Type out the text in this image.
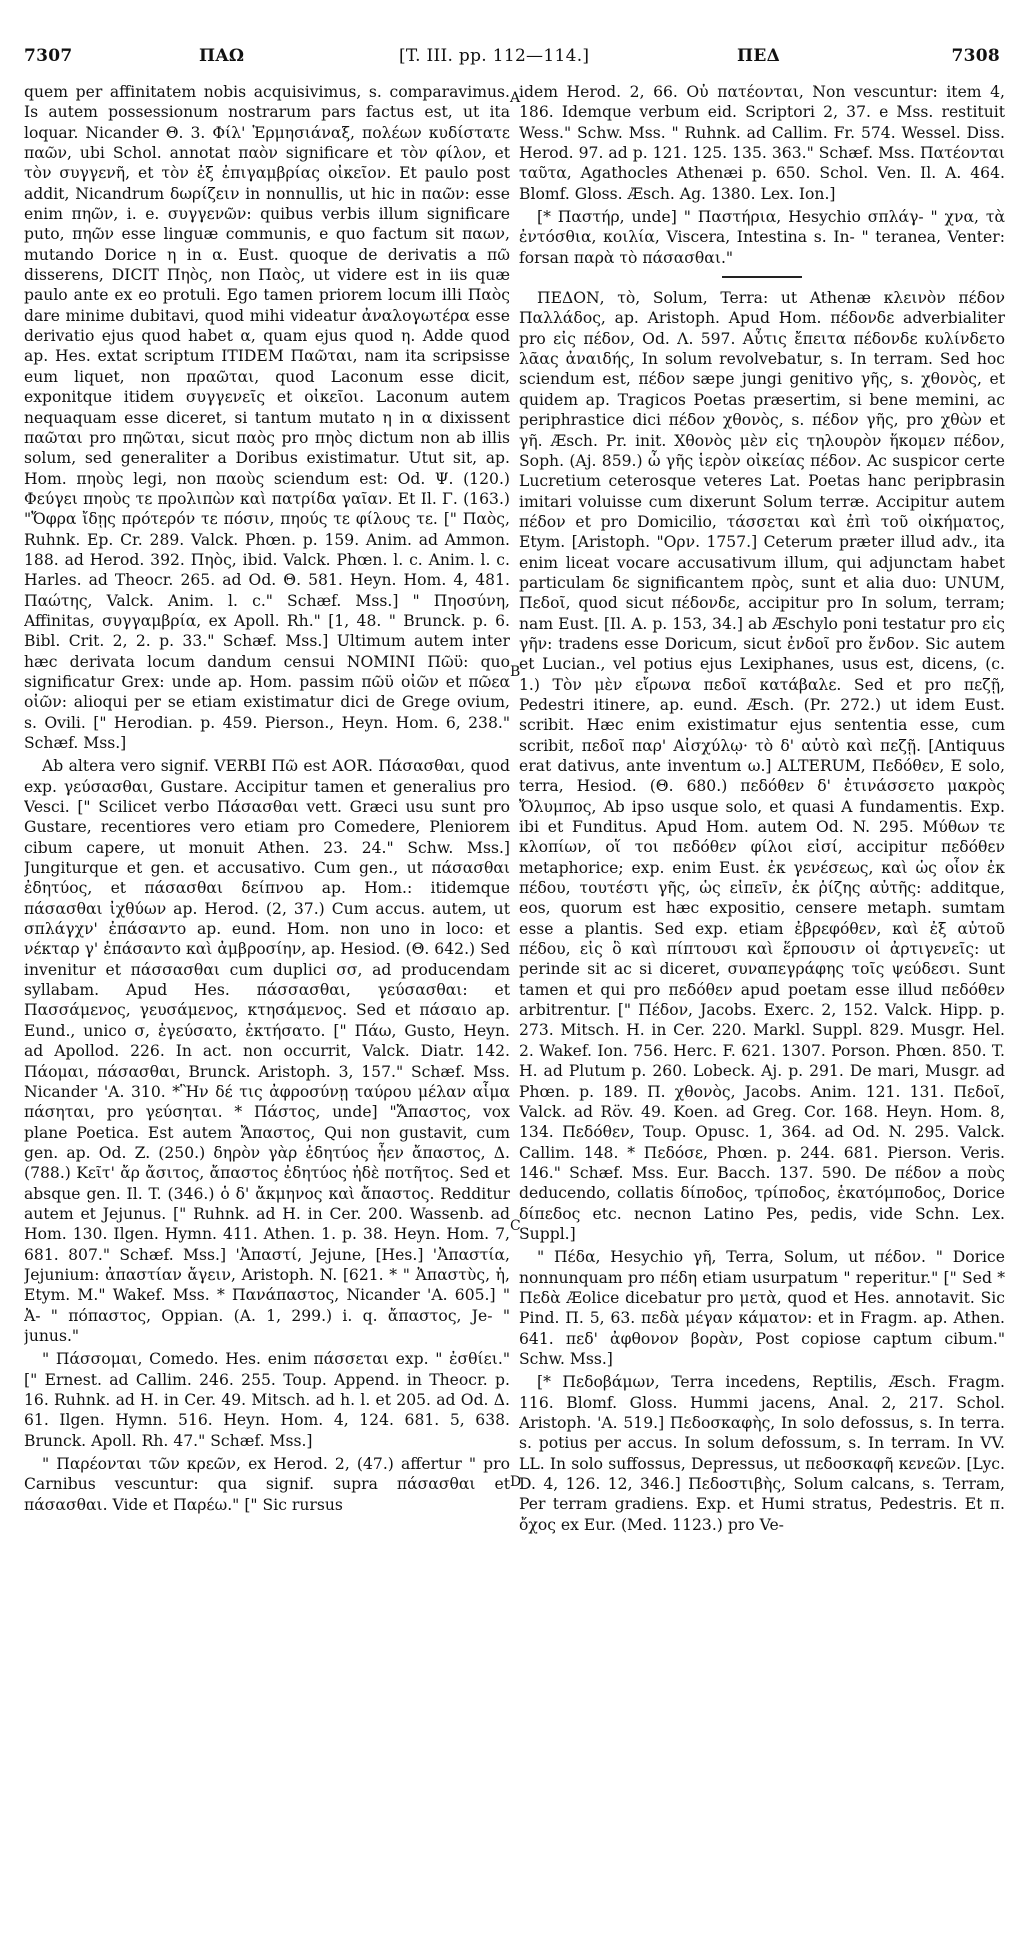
7307	ΠΑΩ	[T. III. pp. 112—114.]	ΠΕΔ	7308

quem per affinitatem nobis acquisivimus, s. comparavimus. Is autem possessionum nostrarum pars factus est, ut ita loquar. Nicander Θ. 3. Φίλ' Ἑρμησιάναξ, πολέων κυδίστατε παῶν, ubi Schol. annotat παὸν significare et τὸν φίλον, et τὸν συγγενῆ, et τὸν ἐξ ἐπιγαμβρίας οἰκεῖον. Et paulo post addit, Nicandrum δωρίζειν in nonnullis, ut hic in παῶν: esse enim πηῶν, i. e. συγγενῶν: quibus verbis illum significare puto, πηῶν esse linguæ communis, e quo factum sit παων, mutando Dorice η in α. Eust. quoque de derivatis a πῶ disserens, DICIT Πηὸς, non Παὸς, ut videre est in iis quæ paulo ante ex eo protuli. Ego tamen priorem locum illi Παὸς dare minime dubitavi, quod mihi videatur ἀναλογωτέρα esse derivatio ejus quod habet α, quam ejus quod η. Adde quod ap. Hes. extat scriptum ITIDEM Παῶται, nam ita scripsisse eum liquet, non πραῶται, quod Laconum esse dicit, exponitque itidem συγγενεῖς et οἰκεῖοι. Laconum autem nequaquam esse diceret, si tantum mutato η in α dixissent παῶται pro πηῶται, sicut παὸς pro πηὸς dictum non ab illis solum, sed generaliter a Doribus existimatur. Utut sit, ap. Hom. πηοὺς legi, non παοὺς sciendum est: Od. Ψ. (120.) Φεύγει πηοὺς τε προλιπὼν καὶ πατρίδα γαῖαν. Et Il. Γ. (163.) "Ὄφρα ἴδῃς πρότερόν τε πόσιν, πηούς τε φίλους τε. [" Παὸς, Ruhnk. Ep. Cr. 289. Valck. Phœn. p. 159. Anim. ad Ammon. 188. ad Herod. 392. Πηὸς, ibid. Valck. Phœn. l. c. Anim. l. c. Harles. ad Theocr. 265. ad Od. Θ. 581. Heyn. Hom. 4, 481. Παώτης, Valck. Anim. l. c." Schæf. Mss.] " Πηοσύνη, Affinitas, συγγαμβρία, ex Apoll. Rh." [1, 48. " Brunck. p. 6. Bibl. Crit. 2, 2. p. 33." Schæf. Mss.] Ultimum autem inter hæc derivata locum dandum censui NOMINI Πῶϋ: quo significatur Grex: unde ap. Hom. passim πῶϋ οἰῶν et πῶεα οἰῶν: alioqui per se etiam existimatur dici de Grege ovium, s. Ovili. [" Herodian. p. 459. Pierson., Heyn. Hom. 6, 238." Schæf. Mss.]

Ab altera vero signif. VERBI Πῶ est AOR. Πάσασθαι, quod exp. γεύσασθαι, Gustare. Accipitur tamen et generalius pro Vesci. [" Scilicet verbo Πάσασθαι vett. Græci usu sunt pro Gustare, recentiores vero etiam pro Comedere, Pleniorem cibum capere, ut monuit Athen. 23. 24." Schw. Mss.] Jungiturque et gen. et accusativo. Cum gen., ut πάσασθαι ἐδητύος, et πάσασθαι δείπνου ap. Hom.: itidemque πάσασθαι ἰχθύων ap. Herod. (2, 37.) Cum accus. autem, ut σπλάγχν' ἐπάσαντο ap. eund. Hom. non uno in loco: et νέκταρ γ' ἐπάσαντο καὶ ἀμβροσίην, ap. Hesiod. (Θ. 642.) Sed invenitur et πάσσασθαι cum duplici σσ, ad producendam syllabam. Apud Hes. πάσσασθαι, γεύσασθαι: et Πασσάμενος, γευσάμενος, κτησάμενος. Sed et πάσαιο ap. Eund., unico σ, ἐγεύσατο, ἐκτήσατο. [" Πάω, Gusto, Heyn. ad Apollod. 226. In act. non occurrit, Valck. Diatr. 142. Πάομαι, πάσασθαι, Brunck. Aristoph. 3, 157." Schæf. Mss. Nicander 'A. 310. *Ἣν δέ τις ἀφροσύνῃ ταύρου μέλαν αἷμα πάσηται, pro γεύσηται. * Πάστος, unde] "Ἄπαστος, vox plane Poetica. Est autem Ἄπαστος, Qui non gustavit, cum gen. ap. Od. Z. (250.) δηρὸν γὰρ ἐδητύος ἦεν ἄπαστος, Δ. (788.) Κεῖτ' ἄρ ἄσιτος, ἄπαστος ἐδητύος ἠδὲ ποτῆτος. Sed et absque gen. Il. T. (346.) ὁ δ' ἄκμηνος καὶ ἄπαστος. Redditur autem et Jejunus. [" Ruhnk. ad H. in Cer. 200. Wassenb. ad Hom. 130. Ilgen. Hymn. 411. Athen. 1. p. 38. Heyn. Hom. 7, 681. 807." Schæf. Mss.] 'Ἀπαστί, Jejune, [Hes.] 'Ἀπαστία, Jejunium: ἀπαστίαν ἄγειν, Aristoph. N. [621. * " Ἀπαστὺς, ἡ, Etym. M." Wakef. Mss. * Πανάπαστος, Nicander 'A. 605.] " Ἀ- " πόπαστος, Oppian. (A. 1, 299.) i. q. ἄπαστος, Je- " junus."

" Πάσσομαι, Comedo. Hes. enim πάσσεται exp. " ἐσθίει." [" Ernest. ad Callim. 246. 255. Toup. Append. in Theocr. p. 16. Ruhnk. ad H. in Cer. 49. Mitsch. ad h. l. et 205. ad Od. Δ. 61. Ilgen. Hymn. 516. Heyn. Hom. 4, 124. 681. 5, 638. Brunck. Apoll. Rh. 47." Schæf. Mss.]

" Παρέονται τῶν κρεῶν, ex Herod. 2, (47.) affertur " pro Carnibus vescuntur: qua signif. supra πάσασθαι et πάσασθαι. Vide et Παρέω." [" Sic rursus

A
B
C
D

idem Herod. 2, 66. Οὐ πατέονται, Non vescuntur: item 4, 186. Idemque verbum eid. Scriptori 2, 37. e Mss. restituit Wess." Schw. Mss. " Ruhnk. ad Callim. Fr. 574. Wessel. Diss. Herod. 97. ad p. 121. 125. 135. 363." Schæf. Mss. Πατέονται ταῦτα, Agathocles Athenæi p. 650. Schol. Ven. Il. A. 464. Blomf. Gloss. Æsch. Ag. 1380. Lex. Ion.]

[* Παστήρ, unde] " Παστήρια, Hesychio σπλάγ- " χνα, τὰ ἐντόσθια, κοιλία, Viscera, Intestina s. In- " teranea, Venter: forsan παρὰ τὸ πάσασθαι."

ΠΕΔΟΝ, τὸ, Solum, Terra: ut Athenæ κλεινὸν πέδον Παλλάδος, ap. Aristoph. Apud Hom. πέδονδε adverbialiter pro εἰς πέδον, Od. Λ. 597. Αὖτις ἔπειτα πέδονδε κυλίνδετο λᾶας ἀναιδής, In solum revolvebatur, s. In terram. Sed hoc sciendum est, πέδον sæpe jungi genitivo γῆς, s. χθονὸς, et quidem ap. Tragicos Poetas præsertim, si bene memini, ac periphrastice dici πέδον χθονὸς, s. πέδον γῆς, pro χθὼν et γῆ. Æsch. Pr. init. Χθονὸς μὲν εἰς τηλουρὸν ἥκομεν πέδον, Soph. (Aj. 859.) ὦ γῆς ἱερὸν οἰκείας πέδον. Ac suspicor certe Lucretium ceterosque veteres Lat. Poetas hanc peripbrasin imitari voluisse cum dixerunt Solum terræ. Accipitur autem πέδον et pro Domicilio, τάσσεται καὶ ἐπὶ τοῦ οἰκήματος, Etym. [Aristoph. "Ορν. 1757.] Ceterum præter illud adv., ita enim liceat vocare accusativum illum, qui adjunctam habet particulam δε significantem πρὸς, sunt et alia duo: UNUM, Πεδοῖ, quod sicut πέδονδε, accipitur pro In solum, terram; nam Eust. [Il. A. p. 153, 34.] ab Æschylo poni testatur pro εἰς γῆν: tradens esse Doricum, sicut ἐνδοῖ pro ἔνδον. Sic autem et Lucian., vel potius ejus Lexiphanes, usus est, dicens, (c. 1.) Τὸν μὲν εἴρωνα πεδοῖ κατάβαλε. Sed et pro πεζῇ, Pedestri itinere, ap. eund. Æsch. (Pr. 272.) ut idem Eust. scribit. Hæc enim existimatur ejus sententia esse, cum scribit, πεδοῖ παρ' Αἰσχύλῳ· τὸ δ' αὐτὸ καὶ πεζῇ. [Antiquus erat dativus, ante inventum ω.] ALTERUM, Πεδόθεν, E solo, terra, Hesiod. (Θ. 680.) πεδόθεν δ' ἐτινάσσετο μακρὸς Ὄλυμπος, Ab ipso usque solo, et quasi A fundamentis. Exp. ibi et Funditus. Apud Hom. autem Od. N. 295. Μύθων τε κλοπίων, οἵ τοι πεδόθεν φίλοι εἰσί, accipitur πεδόθεν metaphorice; exp. enim Eust. ἐκ γενέσεως, καὶ ὡς οἷον ἐκ πέδου, τουτέστι γῆς, ὡς εἰπεῖν, ἐκ ῥίζης αὐτῆς: additque, eos, quorum est hæc expositio, censere metaph. sumtam esse a plantis. Sed exp. etiam ἐβρεφόθεν, καὶ ἐξ αὐτοῦ πέδου, εἰς ὃ καὶ πίπτουσι καὶ ἕρπουσιν οἱ ἀρτιγενεῖς: ut perinde sit ac si diceret, συναπεγράφης τοῖς ψεύδεσι. Sunt tamen et qui pro πεδόθεν apud poetam esse illud πεδόθεν arbitrentur. [" Πέδον, Jacobs. Exerc. 2, 152. Valck. Hipp. p. 273. Mitsch. H. in Cer. 220. Markl. Suppl. 829. Musgr. Hel. 2. Wakef. Ion. 756. Herc. F. 621. 1307. Porson. Phœn. 850. T. H. ad Plutum p. 260. Lobeck. Aj. p. 291. De mari, Musgr. ad Phœn. p. 189. Π. χθονὸς, Jacobs. Anim. 121. 131. Πεδοῖ, Valck. ad Röv. 49. Koen. ad Greg. Cor. 168. Heyn. Hom. 8, 134. Πεδόθεν, Toup. Opusc. 1, 364. ad Od. N. 295. Valck. Callim. 148. * Πεδόσε, Phœn. p. 244. 681. Pierson. Veris. 146." Schæf. Mss. Eur. Bacch. 137. 590. De πέδον a ποὺς deducendo, collatis δίποδος, τρίποδος, ἑκατόμποδος, Dorice δίπεδος etc. necnon Latino Pes, pedis, vide Schn. Lex. Suppl.]

" Πέδα, Hesychio γῆ, Terra, Solum, ut πέδον. " Dorice nonnunquam pro πέδη etiam usurpatum " reperitur." [" Sed * Πεδὰ Æolice dicebatur pro μετὰ, quod et Hes. annotavit. Sic Pind. Π. 5, 63. πεδὰ μέγαν κάματον: et in Fragm. ap. Athen. 641. πεδ' ἀφθονον βορὰν, Post copiose captum cibum." Schw. Mss.]

[* Πεδοβάμων, Terra incedens, Reptilis, Æsch. Fragm. 116. Blomf. Gloss. Hummi jacens, Anal. 2, 217. Schol. Aristoph. 'A. 519.] Πεδοσκαφὴς, In solo defossus, s. In terra. s. potius per accus. In solum defossum, s. In terram. In VV. LL. In solo suffossus, Depressus, ut πεδοσκαφῆ κενεῶν. [Lyc. D. 4, 126. 12, 346.] Πεδοστιβὴς, Solum calcans, s. Terram, Per terram gradiens. Exp. et Humi stratus, Pedestris. Et π. ὄχος ex Eur. (Med. 1123.) pro Ve-
